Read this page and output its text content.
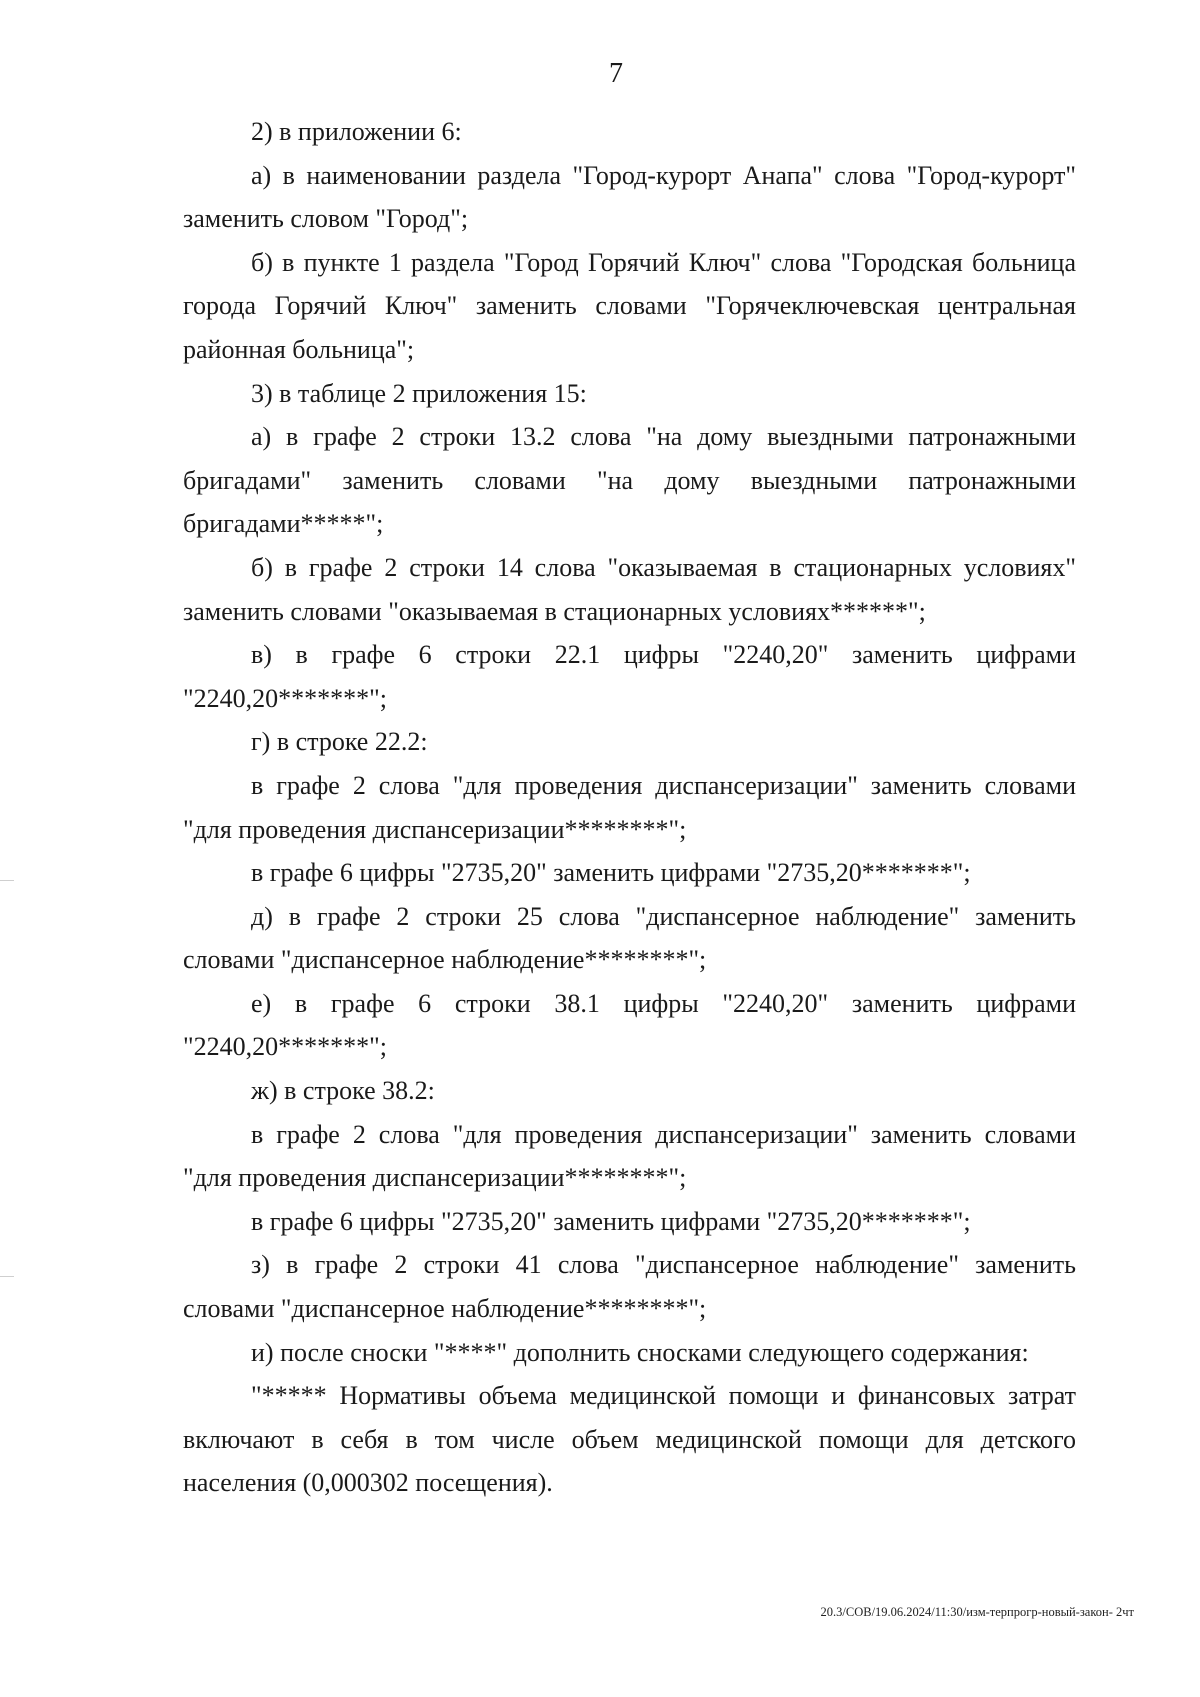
7

2) в приложении 6:

а) в наименовании раздела "Город-курорт Анапа" слова "Город-курорт" заменить словом "Город";

б) в пункте 1 раздела "Город Горячий Ключ" слова "Городская больница города Горячий Ключ" заменить словами "Горячеключевская центральная районная больница";

3) в таблице 2 приложения 15:

а) в графе 2 строки 13.2 слова "на дому выездными патронажными бригадами" заменить словами "на дому выездными патронажными бригадами*****";

б) в графе 2 строки 14 слова "оказываемая в стационарных условиях" заменить словами "оказываемая в стационарных условиях******";

в) в графе 6 строки 22.1 цифры "2240,20" заменить цифрами "2240,20*******";

г) в строке 22.2:

в графе 2 слова "для проведения диспансеризации" заменить словами "для проведения диспансеризации********";

в графе 6 цифры "2735,20" заменить цифрами "2735,20*******";

д) в графе 2 строки 25 слова "диспансерное наблюдение" заменить словами "диспансерное наблюдение********";

е) в графе 6 строки 38.1 цифры "2240,20" заменить цифрами "2240,20*******";

ж) в строке 38.2:

в графе 2 слова "для проведения диспансеризации" заменить словами "для проведения диспансеризации********";

в графе 6 цифры "2735,20" заменить цифрами "2735,20*******";

з) в графе 2 строки 41 слова "диспансерное наблюдение" заменить словами "диспансерное наблюдение********";

и) после сноски "****" дополнить сносками следующего содержания:

"***** Нормативы объема медицинской помощи и финансовых затрат включают в себя в том числе объем медицинской помощи для детского населения (0,000302 посещения).

20.3/СОВ/19.06.2024/11:30/изм-терпрогр-новый-закон- 2чт
